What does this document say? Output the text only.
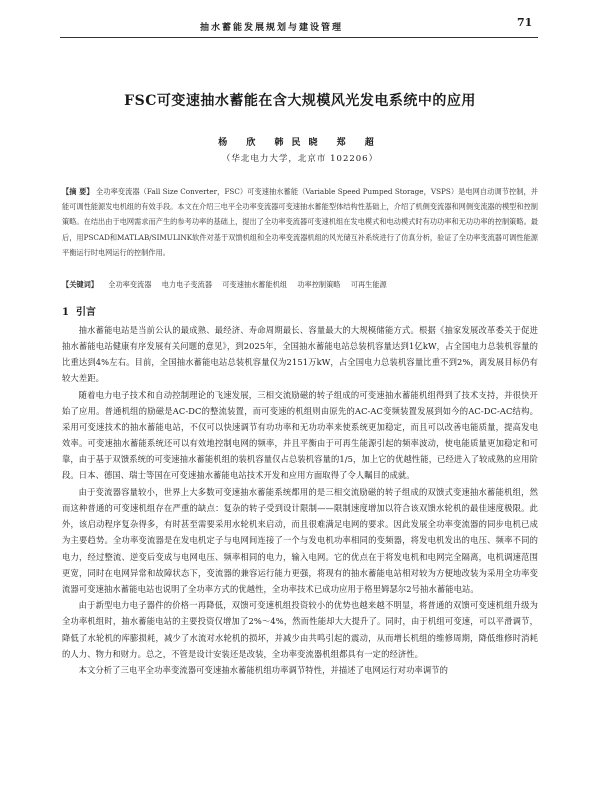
抽水蓄能发展规划与建设管理	71
FSC可变速抽水蓄能在含大规模风光发电系统中的应用
杨 欣 韩民晓 郑 超
（华北电力大学，北京市 102206）
【摘 要】 全功率变流器（Fall Size Converter，FSC）可变速抽水蓄能（Variable Speed Pumped Storage，VSPS）是电网自动调节控制，并能可调性能源发电机组的有效手段。本文在介绍三电平全功率变流器可变速抽水蓄能型体结构性基础上，介绍了机侧变流器和网侧变流器的模型和控制策略。在结出由于电网需求而产生的参考功率的基础上，提出了全功率变流器可变速机组在发电模式和电动模式时有功功率和无功功率的控制策略。最后，用PSCAD和MATLAB/SIMULINK软件对基于双馈机组和全功率变流器机组的风光储互补系统进行了仿真分析，验证了全功率变流器可调性能源平衡运行时电网运行的控制作用。
【关键词】 全功率变流器 电力电子变流器 可变速抽水蓄能机组 功率控制策略 可再生能源
1 引言

抽水蓄能电站是当前公认的最成熟、最经济、寿命周期最长、容量最大的大规模储能方式。根据《抽家发展改革委关于促进抽水蓄能电站健康有序发展有关问题的意见》，到2025年，全国抽水蓄能电站总装机容量达到1亿kW，占全国电力总装机容量的比重达到4%左右。目前，全国抽水蓄能电站总装机容量仅为2151万kW，占全国电力总装机容量比重不到2%，离发展目标仍有较大差距。

随着电力电子技术和自动控制理论的飞速发展，三相交流励磁的转子组成的可变速抽水蓄能机组得到了技术支持，并很快开始了应用。普通机组的励磁是AC-DC的整流装置，而可变速的机组则由原先的AC-AC变频装置发展到如今的AC-DC-AC结构。采用可变速技术的抽水蓄能电站，不仅可以快速调节有功功率和无功功率来使系统更加稳定，而且可以改善电能质量，提高发电效率。可变速抽水蓄能系统还可以有效地控制电网的频率，并且平衡由于可再生能源引起的频率波动，使电能质量更加稳定和可靠，由于基于双馈系统的可变速抽水蓄能机组的装机容量仅占总装机容量的1/5，加上它的优越性能，已经进入了较成熟的应用阶段。日本、德国、瑞士等国在可变速抽水蓄能电站技术开发和应用方面取得了令人瞩目的成就。

由于变流器容量较小，世界上大多数可变速抽水蓄能系统都用的是三相交流励磁的转子组成的双馈式变速抽水蓄能机组，然而这种普通的可变速机组存在严重的缺点：复杂的转子受到设计限制——限制速度增加以符合该双馈水轮机的最佳速度极限。此外，该启动程序复杂得多，有时甚至需要采用水轮机来启动，而且很难满足电网的要求。因此发展全功率变流器的同步电机已成为主要趋势。全功率变流器是在发电机定子与电网间连接了一个与发电机功率相同的变频器，将发电机发出的电压、频率不同的电力，经过整流、逆变后变成与电网电压、频率相同的电力，输入电网。它的优点在于将发电机和电网完全隔离，电机调速范围更宽，同时在电网异常和故障状态下，变流器的兼容运行能力更强，将现有的抽水蓄能电站相对较为方便地改装为采用全功率变流器可变速抽水蓄能电站也说明了全功率方式的优越性，全功率技术已成功应用于格里姆瑟尔2号抽水蓄能电站。

由于新型电力电子器件的价格一再降低，双馈可变速机组投资较小的优势也越来越不明显，将普通的双馈可变速机组升级为全功率机组时，抽水蓄能电站的主要投资仅增加了2%～4%，然而性能却大大提升了。同时，由于机组可变速，可以平滑调节，降低了水轮机的库膨损耗，减少了水流对水轮机的损坏，并减少由共鸣引起的震动，从而增长机组的维修周期，降低维修时消耗的人力、物力和财力。总之，不管是设计安装还是改装，全功率变流器机组都具有一定的经济性。

本文分析了三电平全功率变流器可变速抽水蓄能机组功率调节特性，并描述了电网运行对功率调节的
